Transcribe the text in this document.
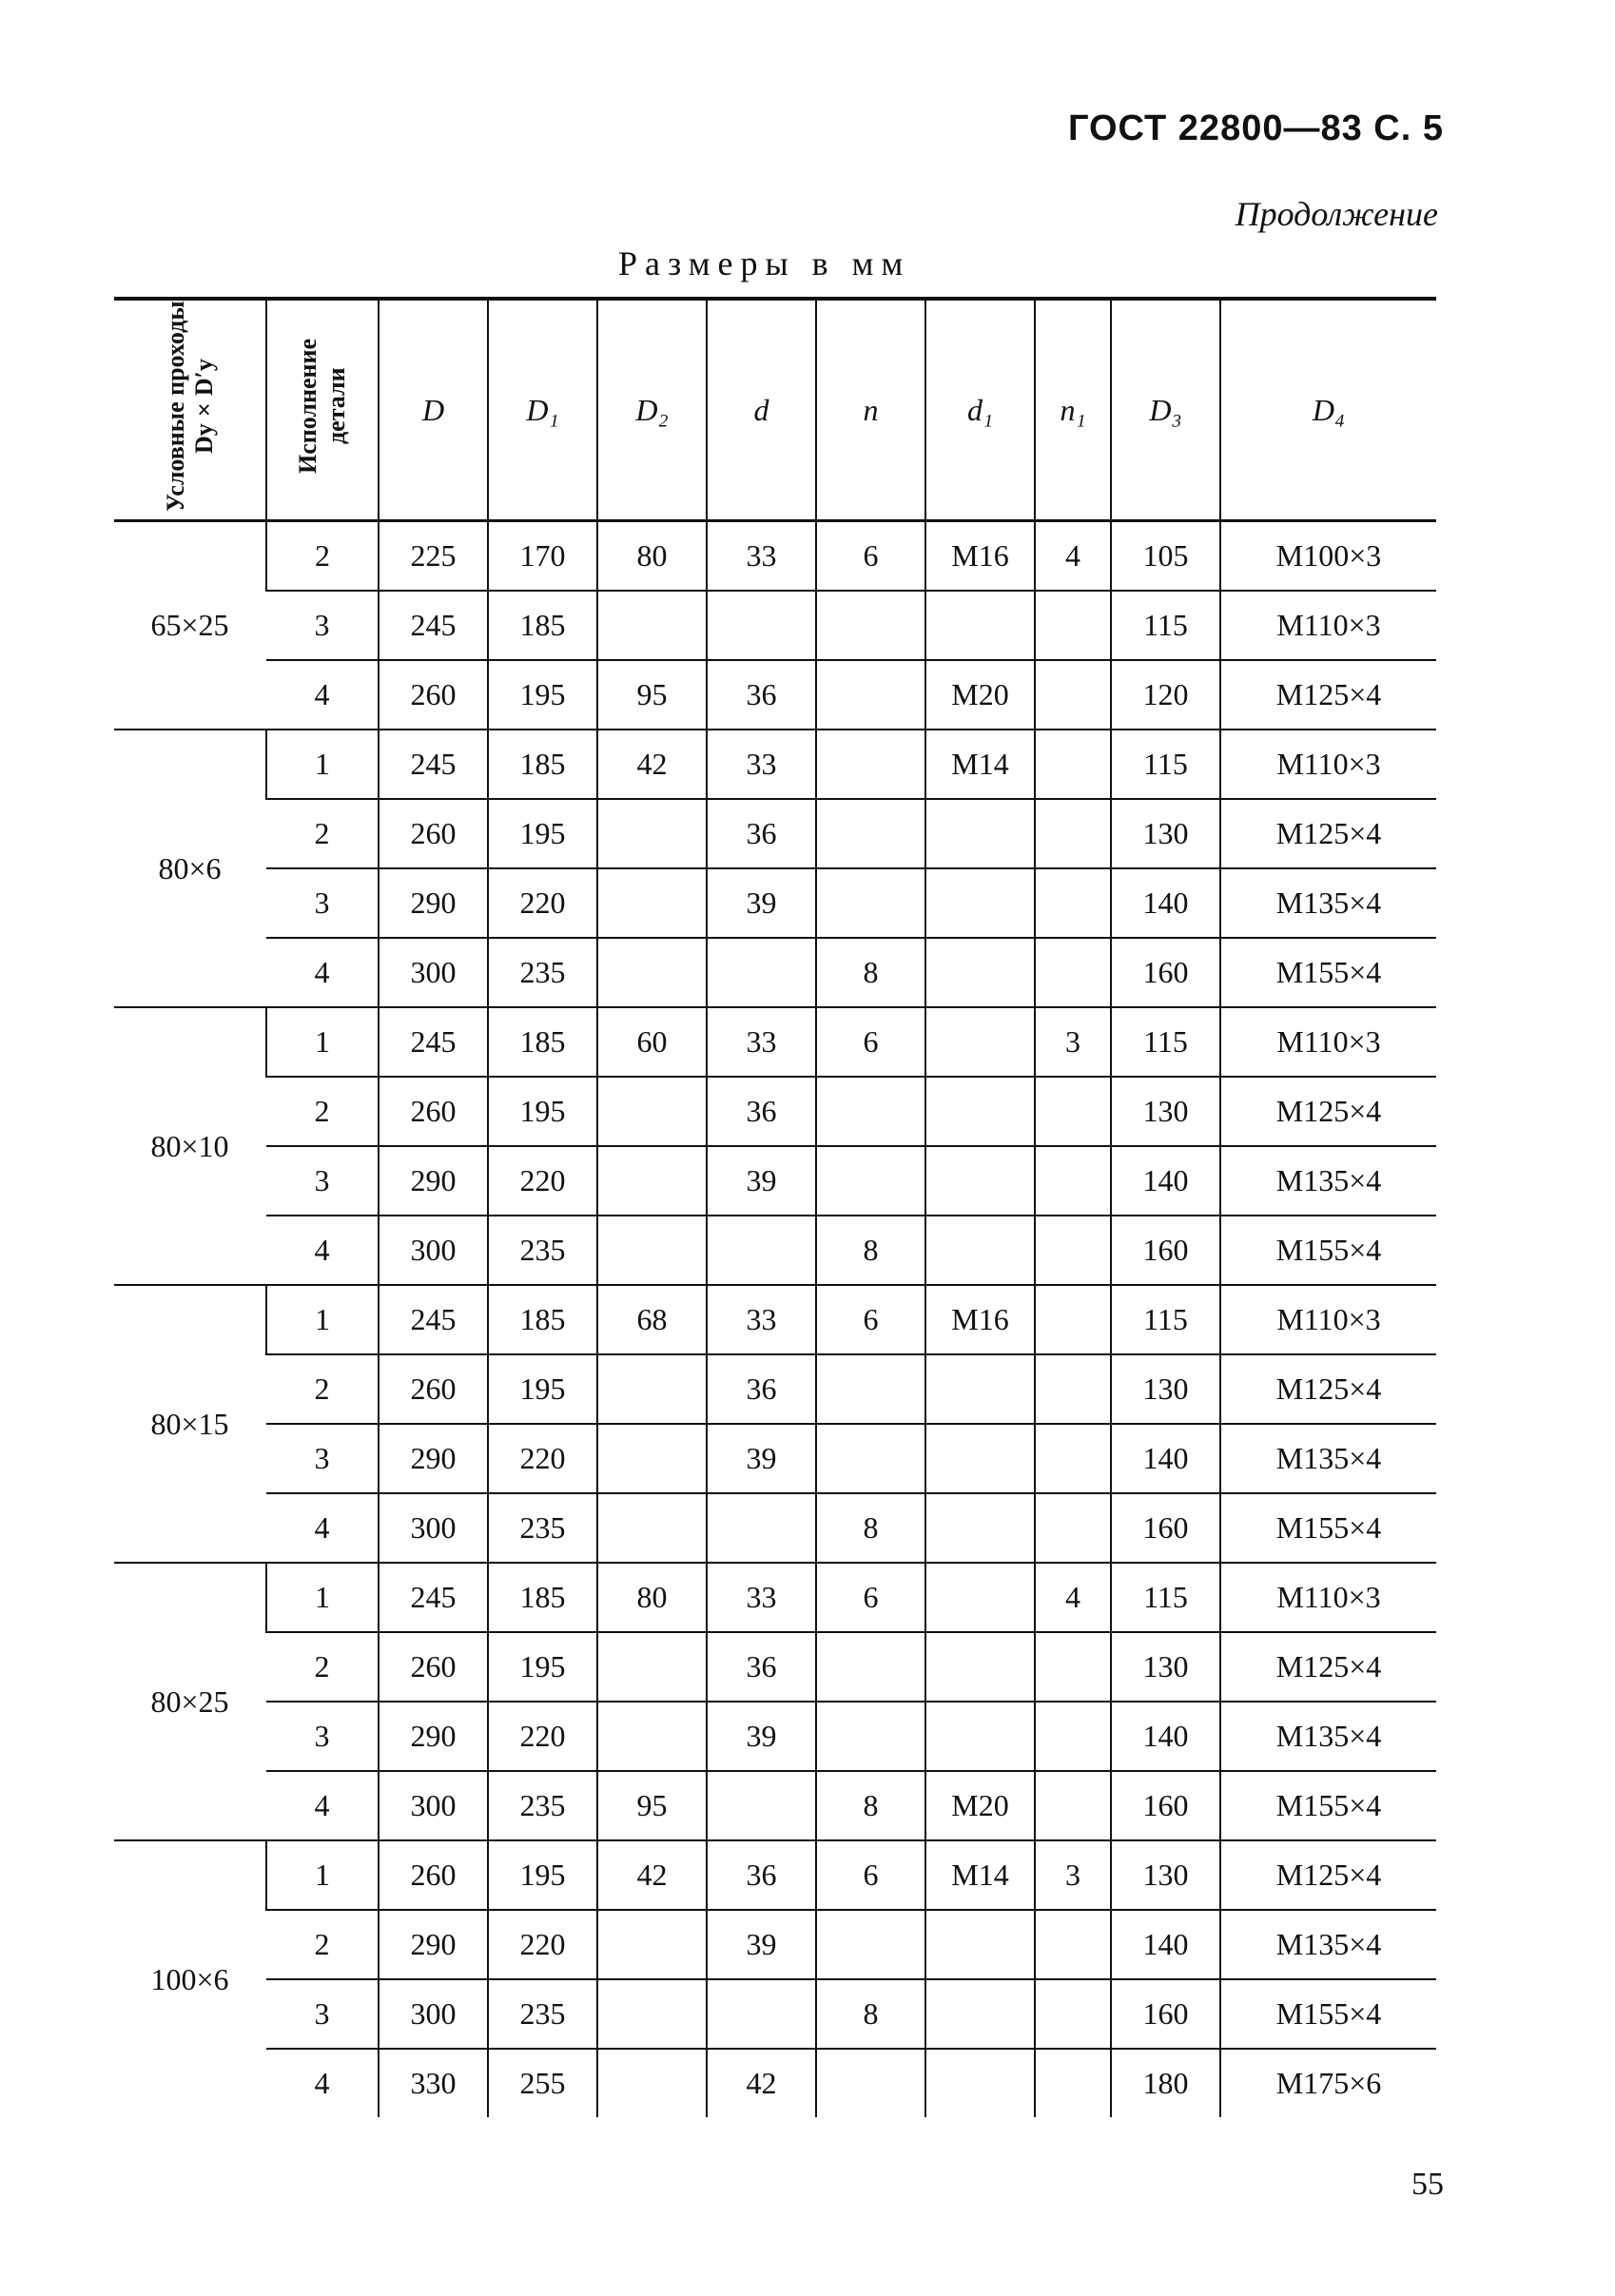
ГОСТ 22800—83 С. 5
Продолжение
Размеры в мм
Условные проходы Dy×D′y	Исполнение детали	D	D₁	D₂	d	n	d₁	n₁	D₃	D₄
65×25	2	225	170	80	33	6	M16	4	105	M100×3
	3	245	185						115	M110×3
	4	260	195	95	36		M20		120	M125×4
80×6	1	245	185	42	33		M14		115	M110×3
	2	260	195		36				130	M125×4
	3	290	220		39				140	M135×4
	4	300	235			8			160	M155×4
80×10	1	245	185	60	33	6		3	115	M110×3
	2	260	195		36				130	M125×4
	3	290	220		39				140	M135×4
	4	300	235			8			160	M155×4
80×15	1	245	185	68	33	6	M16		115	M110×3
	2	260	195		36				130	M125×4
	3	290	220		39				140	M135×4
	4	300	235			8			160	M155×4
80×25	1	245	185	80	33	6		4	115	M110×3
	2	260	195		36				130	M125×4
	3	290	220		39				140	M135×4
	4	300	235	95		8	M20		160	M155×4
100×6	1	260	195	42	36	6	M14	3	130	M125×4
	2	290	220		39				140	M135×4
	3	300	235			8			160	M155×4
	4	330	255		42				180	M175×6
55
